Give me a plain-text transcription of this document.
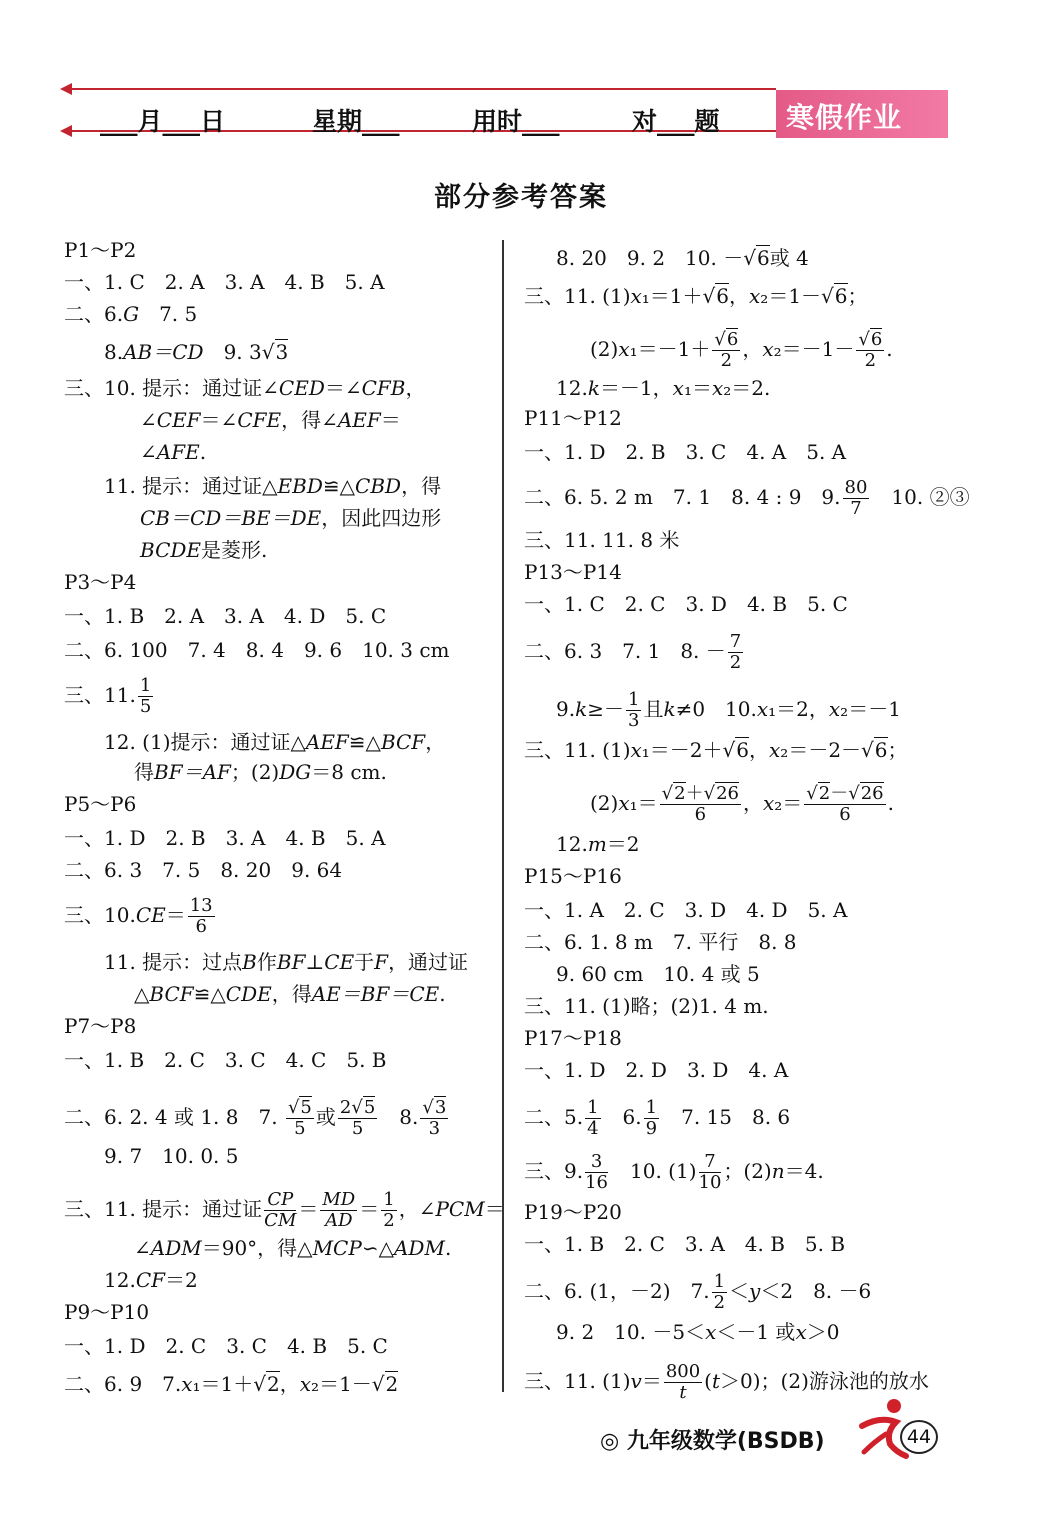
___月___日	星期___	用时___	对___题 寒假作业
部分参考答案
P1～P2
一、1. C　2. A　3. A　4. B　5. A
二、6.G　7. 5
8.AB＝CD　9. 3√3
三、10. 提示：通过证∠CED＝∠CFB，
∠CEF＝∠CFE，得∠AEF＝
∠AFE.
11. 提示：通过证△EBD≌△CBD，得
CB＝CD＝BE＝DE，因此四边形
BCDE是菱形.
P3～P4
一、1. B　2. A　3. A　4. D　5. C
二、6. 100　7. 4　8. 4　9. 6　10. 3 cm
三、11. $\frac{1}{5}$
12. (1)提示：通过证△AEF≌△BCF，
得BF＝AF；(2)DG＝8 cm.
P5～P6
一、1. D　2. B　3. A　4. B　5. A
二、6. 3　7. 5　8. 20　9. 64
三、$10.CE= \frac{13}{6}$
11. 提示：过点B作BF⊥CE于F，通过证
△BCF≌△CDE，得AE＝BF＝CE.
P7～P8
一、1. B　2. C　3. C　4. C　5. B
二、6. 2. 4 或 1. 8　7. $\frac{√5}{5}$ 或 $\frac{2√5}{5}$ 　8. $\frac{√3}{3}$
9. 7　10. 0. 5
三、11. 提示：通过证 $\frac{CP}{CM} = \frac{MD}{AD} = \frac{1}{2}$ ，∠PCM＝
∠ADM＝90°，得△MCP∽△ADM.
12.CF＝2
P9～P10
一、1. D　2. C　3. C　4. B　5. C
二、6. 9　7.x₁＝1＋√2，x₂＝1－√2
8. 20　9. 2　10. －√6或 4
三、11. (1)x₁＝1＋√6，x₂＝1－√6；
$(2)x_1=-1+ \frac{√6}{2}$ ，$x_2=-1- \frac{√6}{2}$ .
12.k＝－1，x₁＝x₂＝2.
P11～P12
一、1. D　2. B　3. C　4. A　5. A
二、6. 5. 2 m　7. 1　8. 4 : 9　9. $\frac{80}{7}$ 　10. ②③
三、11. 11. 8 米
P13～P14
一、1. C　2. C　3. D　4. B　5. C
二、6. 3　7. 1　8. － $\frac{7}{2}$
$9.k\ge- \frac{1}{3}$ 且k≠0　10.x₁＝2，x₂＝－1
三、11. (1)x₁＝－2＋√6，x₂＝－2－√6；
$(2)x_1= \frac{√2+√26}{6}$ ，$x_2= \frac{√2-√26}{6}$ .
12.m＝2
P15～P16
一、1. A　2. C　3. D　4. D　5. A
二、6. 1. 8 m　7. 平行　8. 8
9. 60 cm　10. 4 或 5
三、11. (1)略；(2)1. 4 m.
P17～P18
一、1. D　2. D　3. D　4. A
二、5. $\frac{1}{4}$ 　6. $\frac{1}{9}$ 　7. 15　8. 6
三、9. $\frac{3}{16}$ 　10. $(1) \frac{7}{10}$ ；(2)n＝4.
P19～P20
一、1. B　2. C　3. A　4. B　5. B
二、6. (1，－2)　7. $\frac{1}{2} <y<2$　8. －6
9. 2　10. －5＜x＜－1 或x＞0
三、11. $(1)v= \frac{800}{t} (t>0)$；(2)游泳池的放水
◎ 九年级数学(BSDB)	44
